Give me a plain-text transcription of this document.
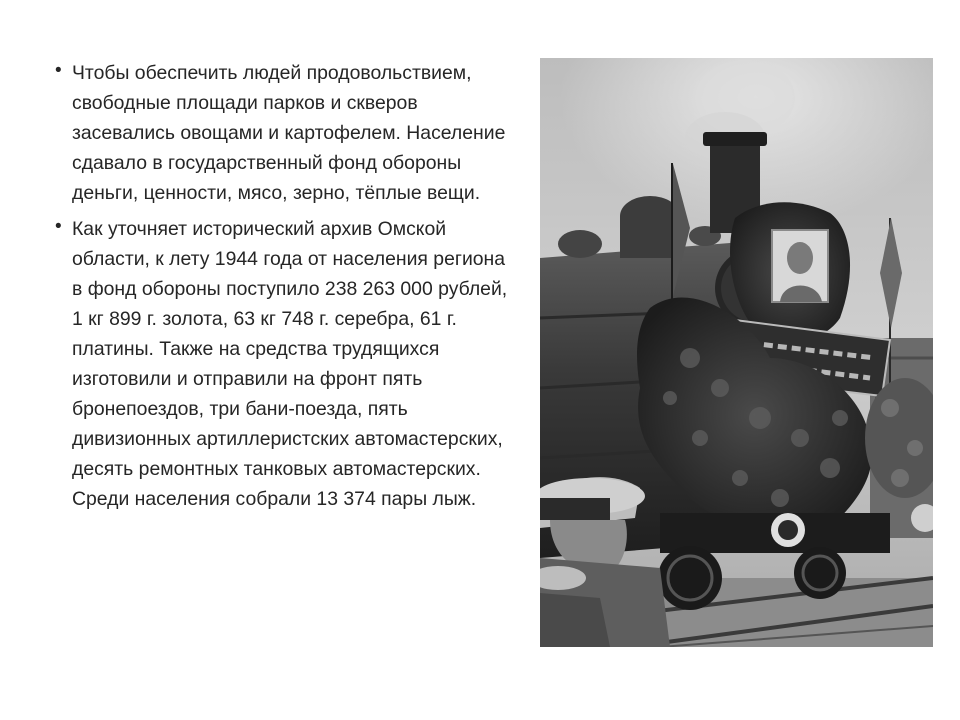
• Чтобы обеспечить людей продовольствием, свободные площади парков и скверов засевались овощами и картофелем. Население сдавало в государственный фонд обороны деньги, ценности, мясо, зерно, тёплые вещи.
• Как уточняет исторический архив Омской области, к лету 1944 года от населения региона в фонд обороны поступило 238 263 000 рублей, 1 кг 899 г. золота, 63 кг 748 г. серебра, 61 г. платины. Также на средства трудящихся изготовили и отправили на фронт пять бронепоездов, три бани-поезда, пять дивизионных артиллеристских автомастерских, десять ремонтных танковых автомастерских. Среди населения собрали 13 374 пары лыж.
